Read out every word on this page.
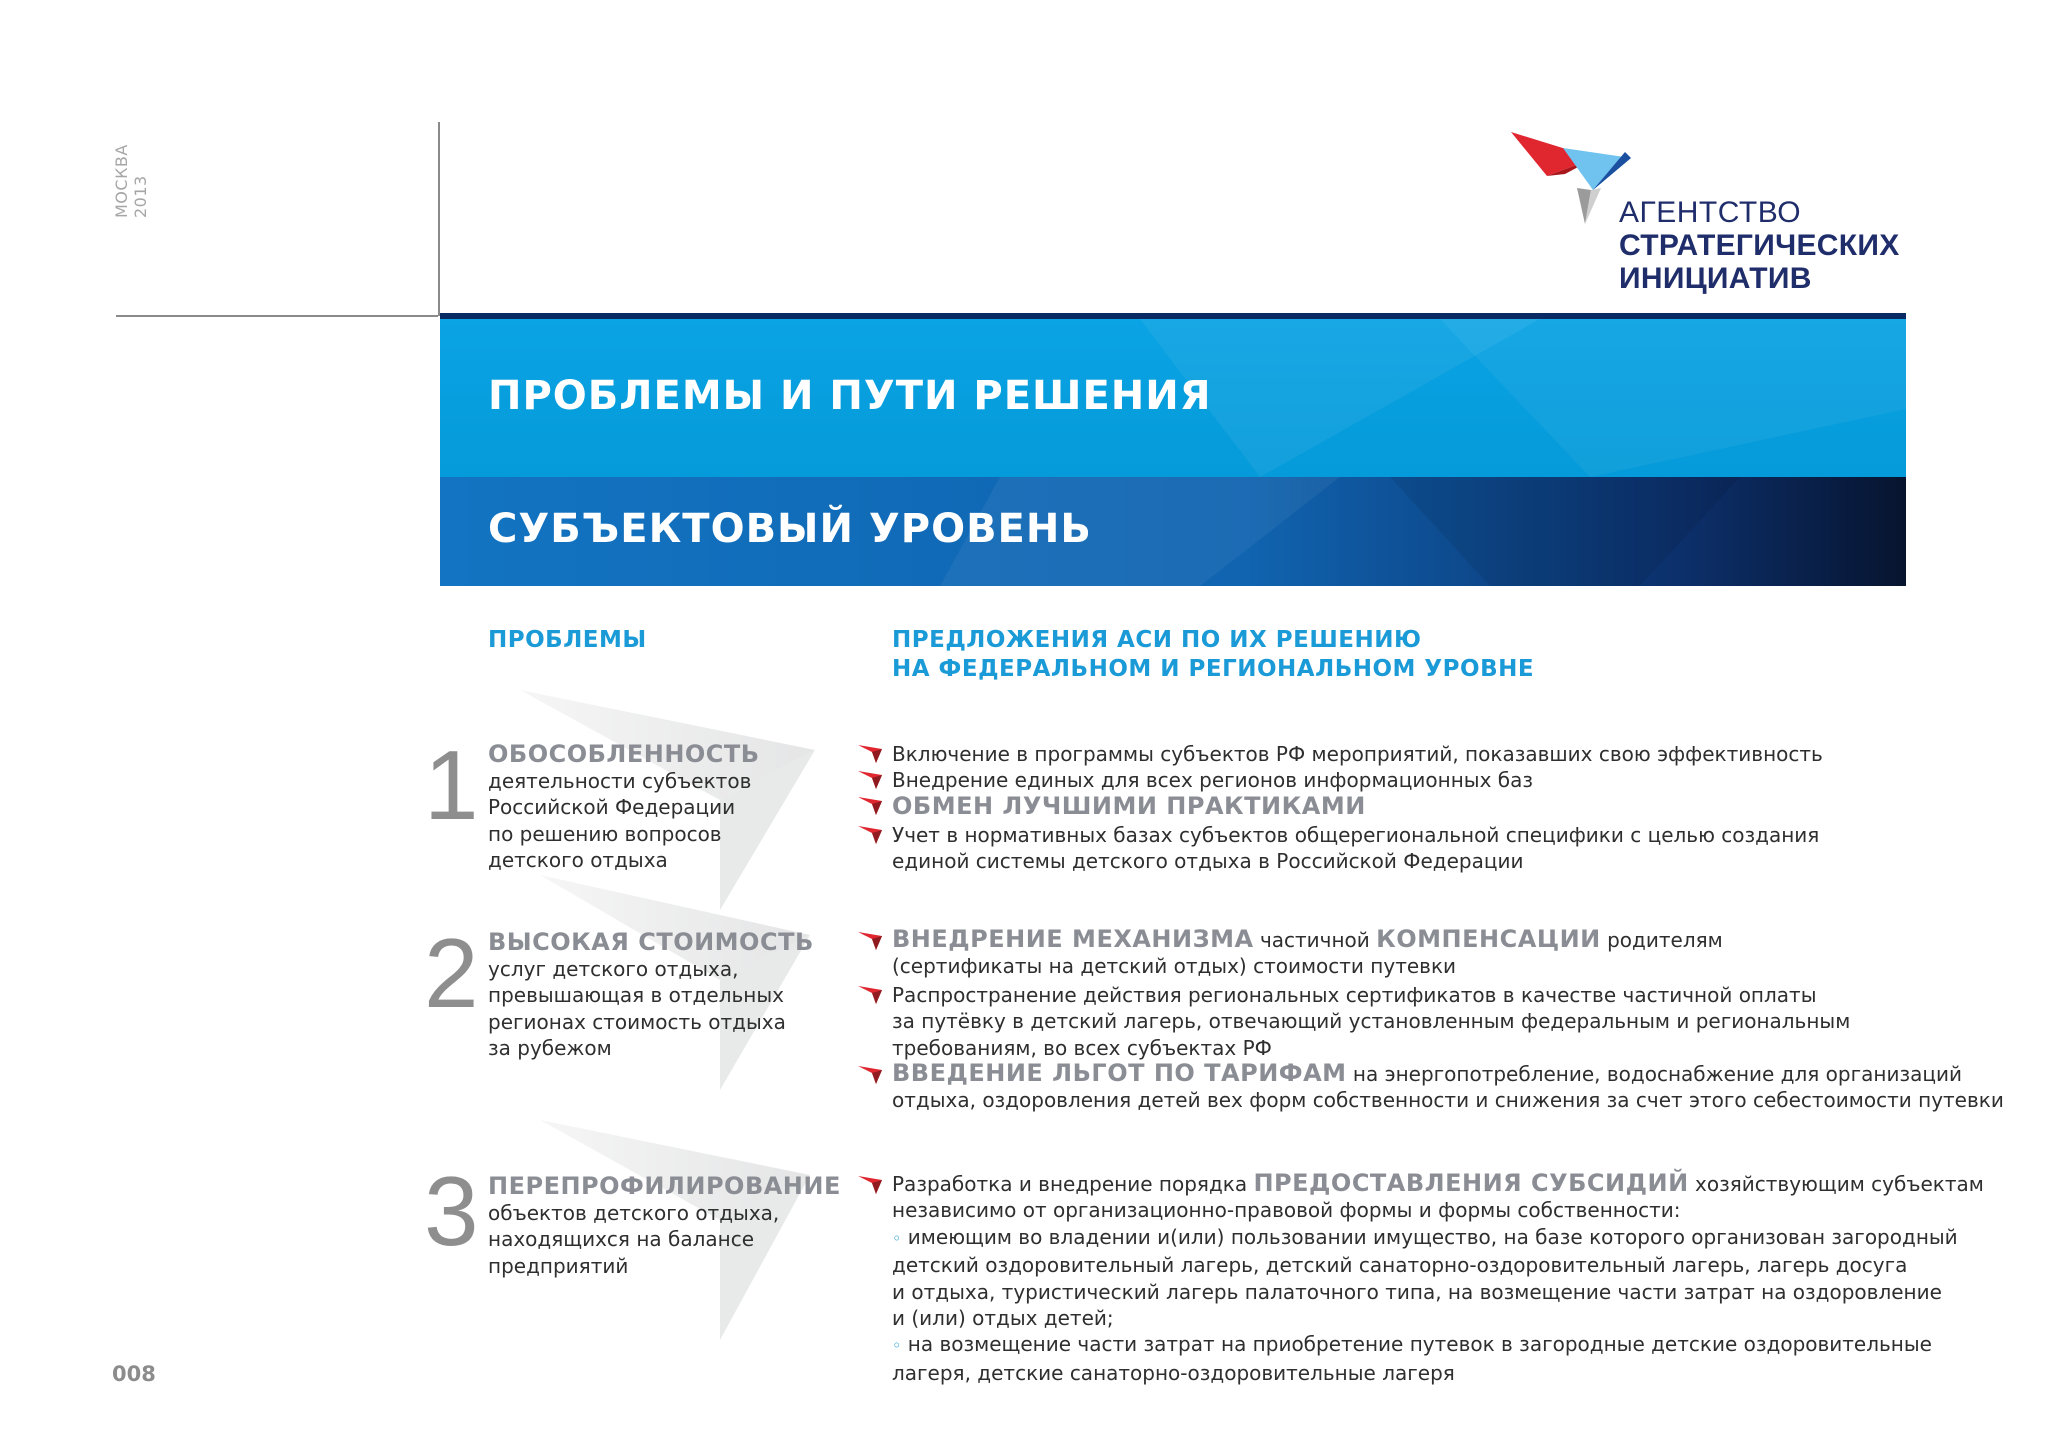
МОСКВА 2013	АГЕНТСТВО
СТРАТЕГИЧЕСКИХ
ИНИЦИАТИВ
ПРОБЛЕМЫ И ПУТИ РЕШЕНИЯ
СУБЪЕКТОВЫЙ УРОВЕНЬ
ПРОБЛЕМЫ	ПРЕДЛОЖЕНИЯ АСИ ПО ИХ РЕШЕНИЮ
НА ФЕДЕРАЛЬНОМ И РЕГИОНАЛЬНОМ УРОВНЕ
1 ОБОСОБЛЕННОСТЬ
деятельности субъектов
Российской Федерации
по решению вопросов
детского отдыха
2 ВЫСОКАЯ СТОИМОСТЬ
услуг детского отдыха,
превышающая в отдельных
регионах стоимость отдыха
за рубежом
3 ПЕРЕПРОФИЛИРОВАНИЕ
объектов детского отдыха,
находящихся на балансе
предприятий
Включение в программы субъектов РФ мероприятий, показавших свою эффективность
Внедрение единых для всех регионов информационных баз
ОБМЕН ЛУЧШИМИ ПРАКТИКАМИ
Учет в нормативных базах субъектов общерегиональной специфики с целью создания
единой системы детского отдыха в Российской Федерации
ВНЕДРЕНИЕ МЕХАНИЗМА частичной КОМПЕНСАЦИИ родителям
(сертификаты на детский отдых) стоимости путевки
Распространение действия региональных сертификатов в качестве частичной оплаты
за путёвку в детский лагерь, отвечающий установленным федеральным и региональным
требованиям, во всех субъектах РФ
ВВЕДЕНИЕ ЛЬГОТ ПО ТАРИФАМ на энергопотребление, водоснабжение для организаций
отдыха, оздоровления детей вех форм собственности и снижения за счет этого себестоимости путевки
Разработка и внедрение порядка ПРЕДОСТАВЛЕНИЯ СУБСИДИЙ хозяйствующим субъектам
независимо от организационно-правовой формы и формы собственности:
◦ имеющим во владении и(или) пользовании имущество, на базе которого организован загородный
детский оздоровительный лагерь, детский санаторно-оздоровительный лагерь, лагерь досуга
и отдыха, туристический лагерь палаточного типа, на возмещение части затрат на оздоровление
и (или) отдых детей;
◦ на возмещение части затрат на приобретение путевок в загородные детские оздоровительные
лагеря, детские санаторно-оздоровительные лагеря
008
